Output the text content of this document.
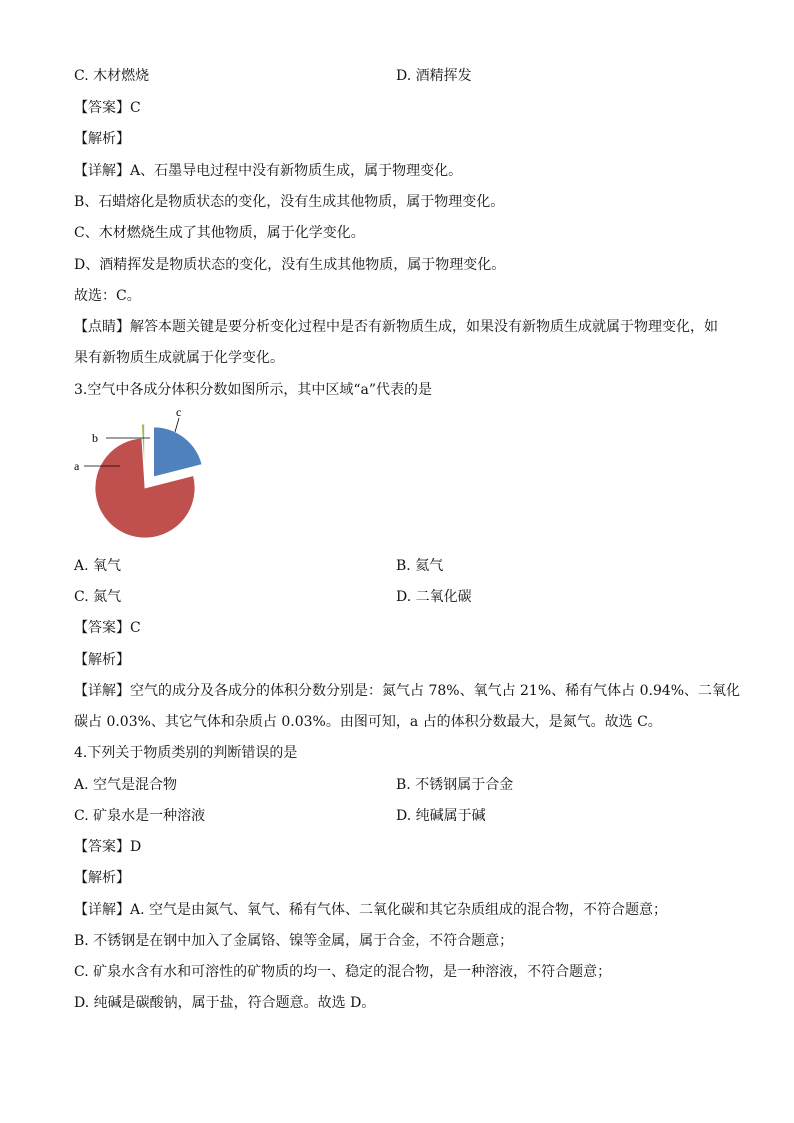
C. 木材燃烧	D. 酒精挥发
【答案】C
【解析】
【详解】A、石墨导电过程中没有新物质生成，属于物理变化。
B、石蜡熔化是物质状态的变化，没有生成其他物质，属于物理变化。
C、木材燃烧生成了其他物质，属于化学变化。
D、酒精挥发是物质状态的变化，没有生成其他物质，属于物理变化。
故选：C。
【点睛】解答本题关键是要分析变化过程中是否有新物质生成，如果没有新物质生成就属于物理变化，如
果有新物质生成就属于化学变化。
3.空气中各成分体积分数如图所示，其中区域“a”代表的是
a
b
c
A. 氧气	B. 氦气
C. 氮气	D. 二氧化碳
【答案】C
【解析】
【详解】空气的成分及各成分的体积分数分别是：氮气占 78%、氧气占 21%、稀有气体占 0.94%、二氧化
碳占 0.03%、其它气体和杂质占 0.03%。由图可知，a 占的体积分数最大，是氮气。故选 C。
4.下列关于物质类别的判断错误的是
A. 空气是混合物	B. 不锈钢属于合金
C. 矿泉水是一种溶液	D. 纯碱属于碱
【答案】D
【解析】
【详解】A. 空气是由氮气、氧气、稀有气体、二氧化碳和其它杂质组成的混合物，不符合题意；
B. 不锈钢是在钢中加入了金属铬、镍等金属，属于合金，不符合题意；
C. 矿泉水含有水和可溶性的矿物质的均一、稳定的混合物，是一种溶液，不符合题意；
D. 纯碱是碳酸钠，属于盐，符合题意。故选 D。
